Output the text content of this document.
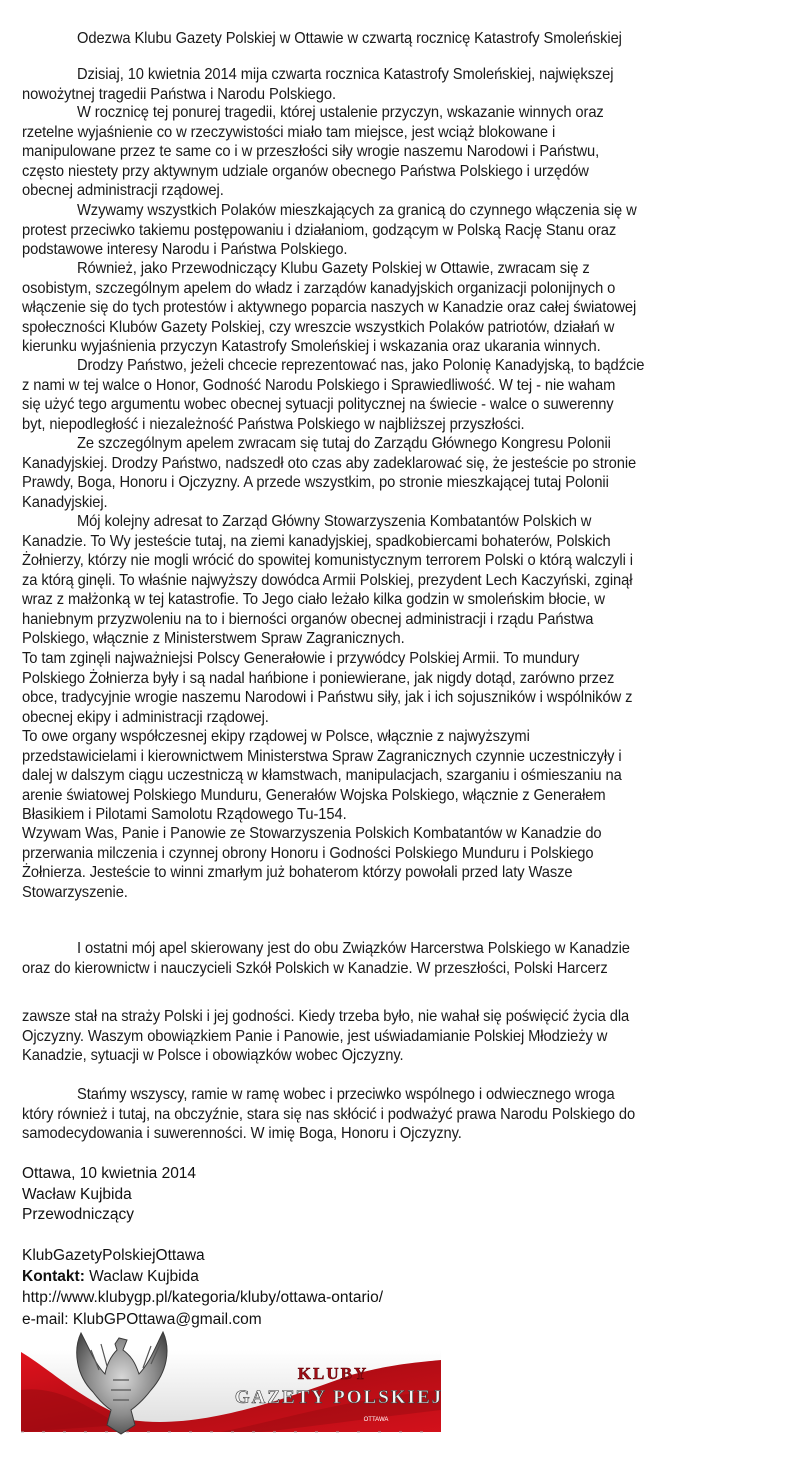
Odezwa Klubu Gazety Polskiej w Ottawie w czwartą rocznicę Katastrofy Smoleńskiej
Dzisiaj, 10 kwietnia 2014 mija czwarta rocznica Katastrofy Smoleńskiej, największej
nowożytnej tragedii Państwa i Narodu Polskiego.
W rocznicę tej ponurej tragedii, której ustalenie przyczyn, wskazanie winnych oraz
rzetelne wyjaśnienie co w rzeczywistości miało tam miejsce, jest wciąż blokowane i
manipulowane przez te same co i w przeszłości siły wrogie naszemu Narodowi i Państwu,
często niestety przy aktywnym udziale organów obecnego Państwa Polskiego i urzędów
obecnej administracji rządowej.
Wzywamy wszystkich Polaków mieszkających za granicą do czynnego włączenia się w
protest przeciwko takiemu postępowaniu i działaniom, godzącym w Polską Rację Stanu oraz
podstawowe interesy Narodu i Państwa Polskiego.
Również, jako Przewodniczący Klubu Gazety Polskiej w Ottawie, zwracam się z
osobistym, szczególnym apelem do władz i zarządów kanadyjskich organizacji polonijnych o
włączenie się do tych protestów i aktywnego poparcia naszych w Kanadzie oraz całej światowej
społeczności Klubów Gazety Polskiej, czy wreszcie wszystkich Polaków patriotów, działań w
kierunku wyjaśnienia przyczyn Katastrofy Smoleńskiej i wskazania oraz ukarania winnych.
Drodzy Państwo, jeżeli chcecie reprezentować nas, jako Polonię Kanadyjską, to bądźcie
z nami w tej walce o Honor, Godność Narodu Polskiego i Sprawiedliwość. W tej - nie waham
się użyć tego argumentu wobec obecnej sytuacji politycznej na świecie - walce o suwerenny
byt, niepodległość i niezależność Państwa Polskiego w najbliższej przyszłości.
Ze szczególnym apelem zwracam się tutaj do Zarządu Głównego Kongresu Polonii
Kanadyjskiej. Drodzy Państwo, nadszedł oto czas aby zadeklarować się, że jesteście po stronie
Prawdy, Boga, Honoru i Ojczyzny. A przede wszystkim, po stronie mieszkającej tutaj Polonii
Kanadyjskiej.
Mój kolejny adresat to Zarząd Główny Stowarzyszenia Kombatantów Polskich w
Kanadzie. To Wy jesteście tutaj, na ziemi kanadyjskiej, spadkobiercami bohaterów, Polskich
Żołnierzy, którzy nie mogli wrócić do spowitej komunistycznym terrorem Polski o którą walczyli i
za którą ginęli. To właśnie najwyższy dowódca Armii Polskiej, prezydent Lech Kaczyński, zginął
wraz z małżonką w tej katastrofie. To Jego ciało leżało kilka godzin w smoleńskim błocie, w
haniebnym przyzwoleniu na to i bierności organów obecnej administracji i rządu Państwa
Polskiego, włącznie z Ministerstwem Spraw Zagranicznych.
To tam zginęli najważniejsi Polscy Generałowie i przywódcy Polskiej Armii. To mundury
Polskiego Żołnierza były i są nadal hańbione i poniewierane, jak nigdy dotąd, zarówno przez
obce, tradycyjnie wrogie naszemu Narodowi i Państwu siły, jak i ich sojuszników i wspólników z
obecnej ekipy i administracji rządowej.
To owe organy współczesnej ekipy rządowej w Polsce, włącznie z najwyższymi
przedstawicielami i kierownictwem Ministerstwa Spraw Zagranicznych czynnie uczestniczyły i
dalej w dalszym ciągu uczestniczą w kłamstwach, manipulacjach, szarganiu i ośmieszaniu na
arenie światowej Polskiego Munduru, Generałów Wojska Polskiego, włącznie z Generałem
Błasikiem i Pilotami Samolotu Rządowego Tu-154.
Wzywam Was, Panie i Panowie ze Stowarzyszenia Polskich Kombatantów w Kanadzie do
przerwania milczenia i czynnej obrony Honoru i Godności Polskiego Munduru i Polskiego
Żołnierza. Jesteście to winni zmarłym już bohaterom którzy powołali przed laty Wasze
Stowarzyszenie.
I ostatni mój apel skierowany jest do obu Związków Harcerstwa Polskiego w Kanadzie
oraz do kierownictw i nauczycieli Szkół Polskich w Kanadzie. W przeszłości, Polski Harcerz
zawsze stał na straży Polski i jej godności. Kiedy trzeba było, nie wahał się poświęcić życia dla
Ojczyzny. Waszym obowiązkiem Panie i Panowie, jest uświadamianie Polskiej Młodzieży w
Kanadzie, sytuacji w Polsce i obowiązków wobec Ojczyzny.
Stańmy wszyscy, ramie w ramę wobec i przeciwko wspólnego i odwiecznego wroga
który również i tutaj, na obczyźnie, stara się nas skłócić i podważyć prawa Narodu Polskiego do
samodecydowania i suwerenności. W imię Boga, Honoru i Ojczyzny.
Ottawa, 10 kwietnia 2014
Wacław Kujbida
Przewodniczący
KlubGazetyPolskiejOttawa
Kontakt: Waclaw Kujbida
http://www.klubygp.pl/kategoria/kluby/ottawa-ontario/
e-mail: KlubGPOttawa@gmail.com
KLUBY
GAZETY POLSKIEJ
OTTAWA
